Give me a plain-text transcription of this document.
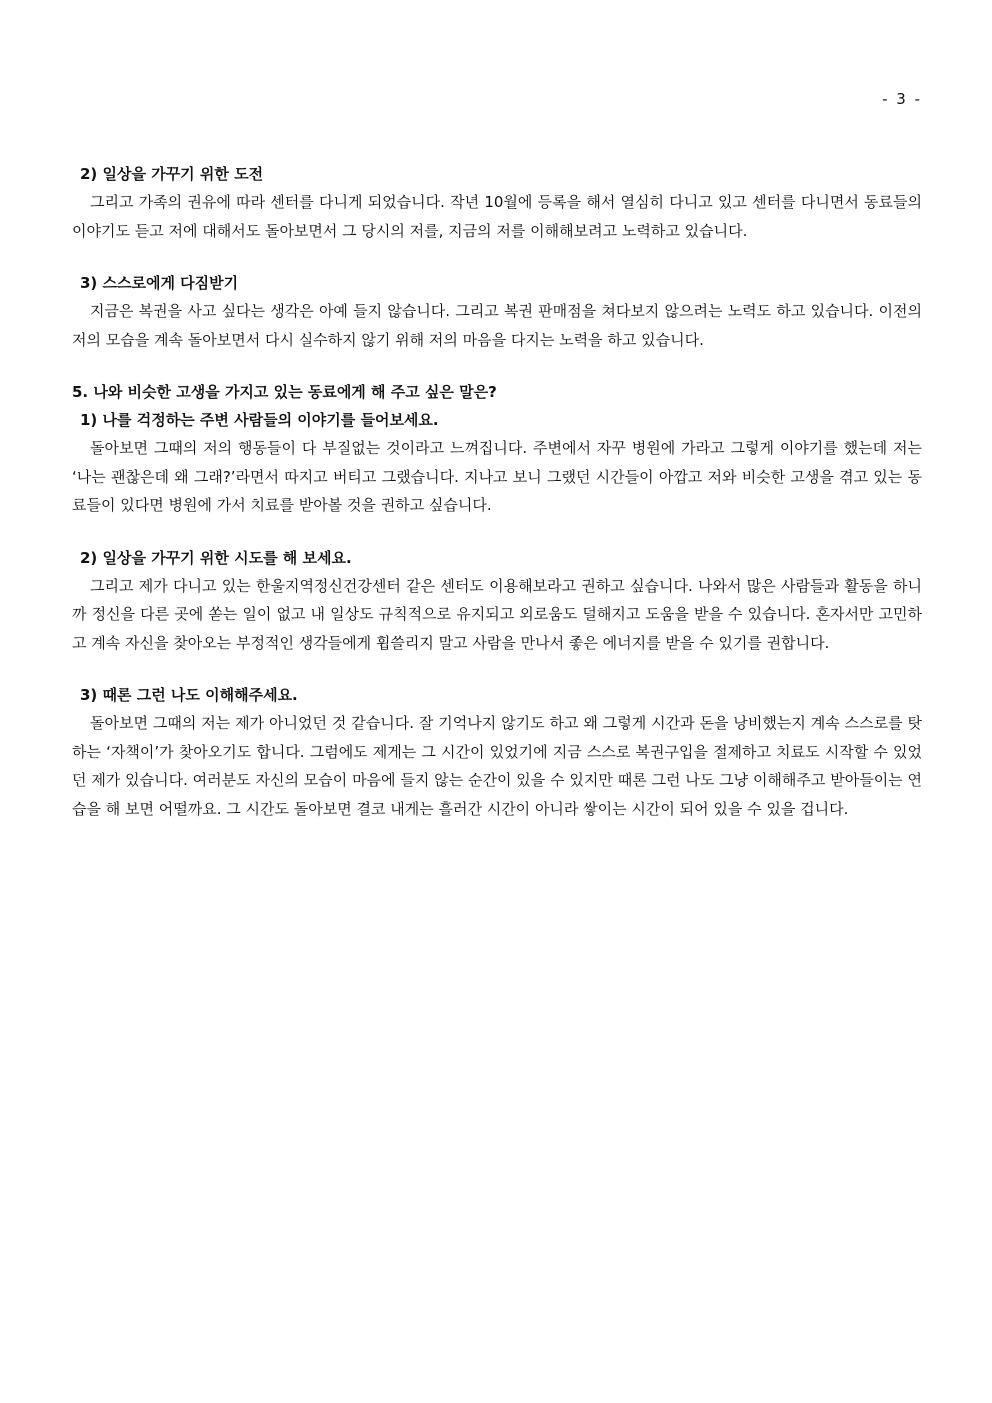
- 3 -

2) 일상을 가꾸기 위한 도전

그리고 가족의 권유에 따라 센터를 다니게 되었습니다. 작년 10월에 등록을 해서 열심히 다니고 있고 센터를 다니면서 동료들의 이야기도 듣고 저에 대해서도 돌아보면서 그 당시의 저를, 지금의 저를 이해해보려고 노력하고 있습니다.

3) 스스로에게 다짐받기

지금은 복권을 사고 싶다는 생각은 아예 들지 않습니다. 그리고 복권 판매점을 쳐다보지 않으려는 노력도 하고 있습니다. 이전의 저의 모습을 계속 돌아보면서 다시 실수하지 않기 위해 저의 마음을 다지는 노력을 하고 있습니다.

5. 나와 비슷한 고생을 가지고 있는 동료에게 해 주고 싶은 말은?

1) 나를 걱정하는 주변 사람들의 이야기를 들어보세요.

돌아보면 그때의 저의 행동들이 다 부질없는 것이라고 느껴집니다. 주변에서 자꾸 병원에 가라고 그렇게 이야기를 했는데 저는 ‘나는 괜찮은데 왜 그래?’라면서 따지고 버티고 그랬습니다. 지나고 보니 그랬던 시간들이 아깝고 저와 비슷한 고생을 겪고 있는 동료들이 있다면 병원에 가서 치료를 받아볼 것을 권하고 싶습니다.

2) 일상을 가꾸기 위한 시도를 해 보세요.

그리고 제가 다니고 있는 한울지역정신건강센터 같은 센터도 이용해보라고 권하고 싶습니다. 나와서 많은 사람들과 활동을 하니까 정신을 다른 곳에 쏟는 일이 없고 내 일상도 규칙적으로 유지되고 외로움도 덜해지고 도움을 받을 수 있습니다. 혼자서만 고민하고 계속 자신을 찾아오는 부정적인 생각들에게 휩쓸리지 말고 사람을 만나서 좋은 에너지를 받을 수 있기를 권합니다.

3) 때론 그런 나도 이해해주세요.

돌아보면 그때의 저는 제가 아니었던 것 같습니다. 잘 기억나지 않기도 하고 왜 그렇게 시간과 돈을 낭비했는지 계속 스스로를 탓하는 ‘자책이’가 찾아오기도 합니다. 그럼에도 제게는 그 시간이 있었기에 지금 스스로 복권구입을 절제하고 치료도 시작할 수 있었던 제가 있습니다. 여러분도 자신의 모습이 마음에 들지 않는 순간이 있을 수 있지만 때론 그런 나도 그냥 이해해주고 받아들이는 연습을 해 보면 어떨까요. 그 시간도 돌아보면 결코 내게는 흘러간 시간이 아니라 쌓이는 시간이 되어 있을 수 있을 겁니다.
